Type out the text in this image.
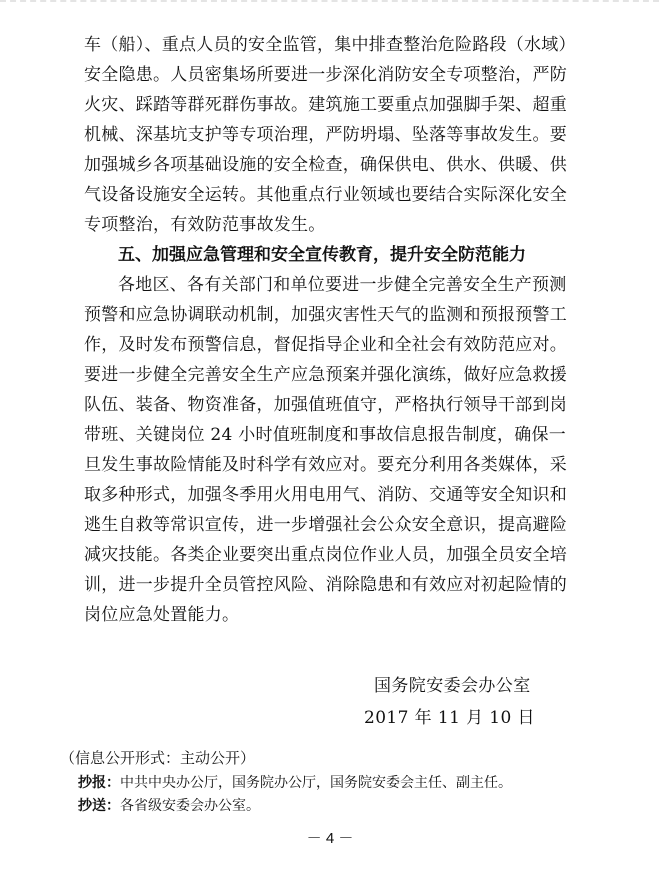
车（船）、重点人员的安全监管，集中排查整治危险路段（水域）
安全隐患。人员密集场所要进一步深化消防安全专项整治，严防
火灾、踩踏等群死群伤事故。建筑施工要重点加强脚手架、超重
机械、深基坑支护等专项治理，严防坍塌、坠落等事故发生。要
加强城乡各项基础设施的安全检查，确保供电、供水、供暖、供
气设备设施安全运转。其他重点行业领域也要结合实际深化安全
专项整治，有效防范事故发生。
五、加强应急管理和安全宣传教育，提升安全防范能力
各地区、各有关部门和单位要进一步健全完善安全生产预测
预警和应急协调联动机制，加强灾害性天气的监测和预报预警工
作，及时发布预警信息，督促指导企业和全社会有效防范应对。
要进一步健全完善安全生产应急预案并强化演练，做好应急救援
队伍、装备、物资准备，加强值班值守，严格执行领导干部到岗
带班、关键岗位 24 小时值班制度和事故信息报告制度，确保一
旦发生事故险情能及时科学有效应对。要充分利用各类媒体，采
取多种形式，加强冬季用火用电用气、消防、交通等安全知识和
逃生自救等常识宣传，进一步增强社会公众安全意识，提高避险
减灾技能。各类企业要突出重点岗位作业人员，加强全员安全培
训，进一步提升全员管控风险、消除隐患和有效应对初起险情的
岗位应急处置能力。
国务院安委会办公室
2017 年 11 月 10 日
（信息公开形式：主动公开）
抄报：中共中央办公厅，国务院办公厅，国务院安委会主任、副主任。
抄送：各省级安委会办公室。
－ 4 －
